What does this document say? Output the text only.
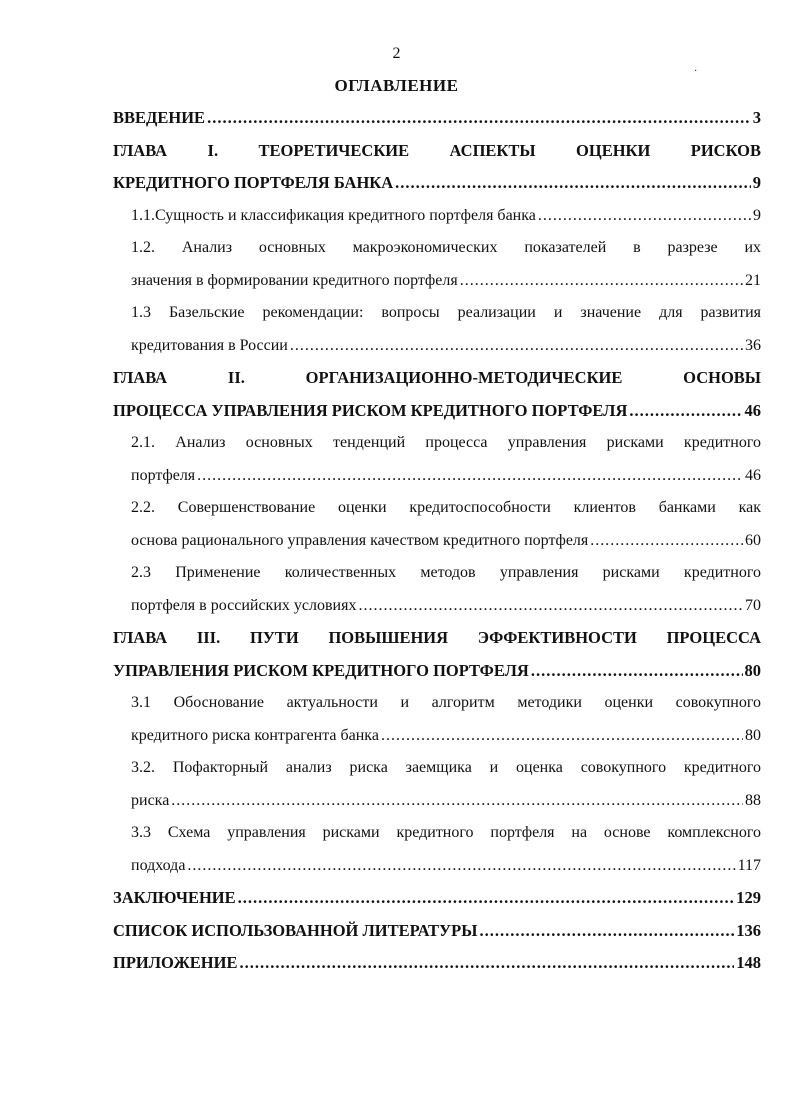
2
·
ОГЛАВЛЕНИЕ
ВВЕДЕНИЕ .....	3
ГЛАВА I. ТЕОРЕТИЧЕСКИЕ АСПЕКТЫ ОЦЕНКИ РИСКОВ
КРЕДИТНОГО ПОРТФЕЛЯ БАНКА .....	9
1.1.Сущность и классификация кредитного портфеля банка .....	9
1.2. Анализ основных макроэкономических показателей в разрезе их
значения в формировании кредитного портфеля .....	21
1.3 Базельские рекомендации: вопросы реализации и значение для развития
кредитования в России .....	36
ГЛАВА II. ОРГАНИЗАЦИОННО-МЕТОДИЧЕСКИЕ ОСНОВЫ
ПРОЦЕССА УПРАВЛЕНИЯ РИСКОМ КРЕДИТНОГО ПОРТФЕЛЯ .....	46
2.1. Анализ основных тенденций процесса управления рисками кредитного
портфеля .....	46
2.2. Совершенствование оценки кредитоспособности клиентов банками как
основа рационального управления качеством кредитного портфеля .....	60
2.3 Применение количественных методов управления рисками кредитного
портфеля в российских условиях .....	70
ГЛАВА III. ПУТИ ПОВЫШЕНИЯ ЭФФЕКТИВНОСТИ ПРОЦЕССА
УПРАВЛЕНИЯ РИСКОМ КРЕДИТНОГО ПОРТФЕЛЯ .....	80
3.1 Обоснование актуальности и алгоритм методики оценки совокупного
кредитного риска контрагента банка .....	80
3.2. Пофакторный анализ риска заемщика и оценка совокупного кредитного
риска .....	88
3.3 Схема управления рисками кредитного портфеля на основе комплексного
подхода .....	117
ЗАКЛЮЧЕНИЕ .....	129
СПИСОК ИСПОЛЬЗОВАННОЙ ЛИТЕРАТУРЫ .....	136
ПРИЛОЖЕНИЕ .....	148
